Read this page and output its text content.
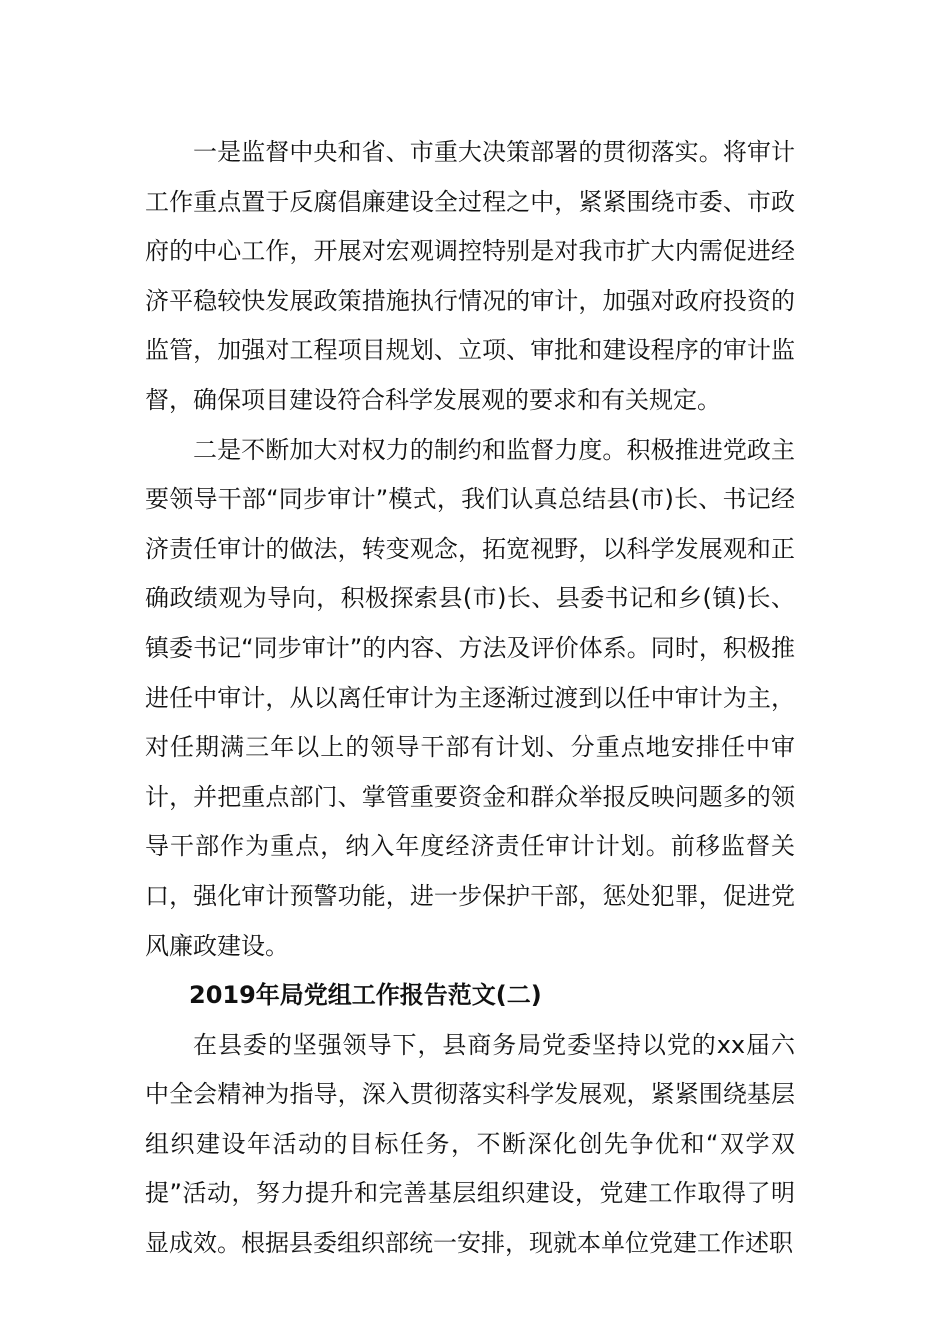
一是监督中央和省、市重大决策部署的贯彻落实。将审计工作重点置于反腐倡廉建设全过程之中，紧紧围绕市委、市政府的中心工作，开展对宏观调控特别是对我市扩大内需促进经济平稳较快发展政策措施执行情况的审计，加强对政府投资的监管，加强对工程项目规划、立项、审批和建设程序的审计监督，确保项目建设符合科学发展观的要求和有关规定。

二是不断加大对权力的制约和监督力度。积极推进党政主要领导干部“同步审计”模式，我们认真总结县(市)长、书记经济责任审计的做法，转变观念，拓宽视野，以科学发展观和正确政绩观为导向，积极探索县(市)长、县委书记和乡(镇)长、镇委书记“同步审计”的内容、方法及评价体系。同时，积极推进任中审计，从以离任审计为主逐渐过渡到以任中审计为主，对任期满三年以上的领导干部有计划、分重点地安排任中审计，并把重点部门、掌管重要资金和群众举报反映问题多的领导干部作为重点，纳入年度经济责任审计计划。前移监督关口，强化审计预警功能，进一步保护干部，惩处犯罪，促进党风廉政建设。

2019年局党组工作报告范文(二)

在县委的坚强领导下，县商务局党委坚持以党的xx届六中全会精神为指导，深入贯彻落实科学发展观，紧紧围绕基层组织建设年活动的目标任务，不断深化创先争优和“双学双提”活动，努力提升和完善基层组织建设，党建工作取得了明显成效。根据县委组织部统一安排，现就本单位党建工作述职
